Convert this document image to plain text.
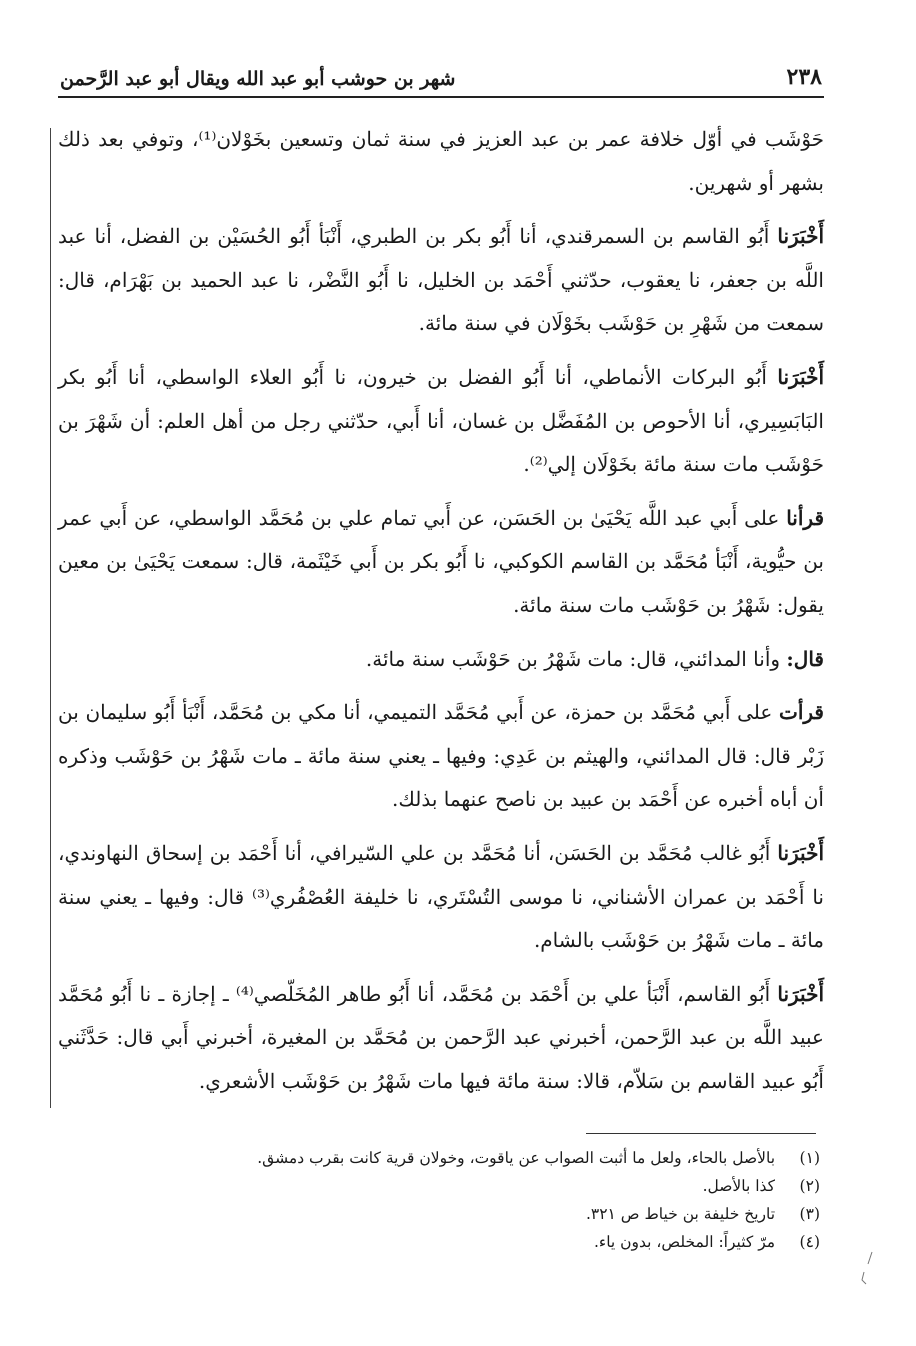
٢٣٨
شهر بن حوشب أبو عبد الله ويقال أبو عبد الرَّحمن

حَوْشَب في أوّل خلافة عمر بن عبد العزيز في سنة ثمان وتسعين بخَوْلان⁽¹⁾، وتوفي بعد ذلك بشهر أو شهرين.

أَخْبَرَنا أَبُو القاسم بن السمرقندي، أنا أَبُو بكر بن الطبري، أَنْبَأ أَبُو الحُسَيْن بن الفضل، أنا عبد اللَّه بن جعفر، نا يعقوب، حدّثني أَحْمَد بن الخليل، نا أَبُو النَّضْر، نا عبد الحميد بن بَهْرَام، قال: سمعت من شَهْرِ بن حَوْشَب بخَوْلَان في سنة مائة.

أَخْبَرَنا أَبُو البركات الأنماطي، أنا أَبُو الفضل بن خيرون، نا أَبُو العلاء الواسطي، أنا أَبُو بكر البَابَسِيري، أنا الأحوص بن المُفَضَّل بن غسان، أنا أَبي، حدّثني رجل من أهل العلم: أن شَهْرَ بن حَوْشَب مات سنة مائة بخَوْلَان إلي⁽²⁾.

قرأنا على أَبي عبد اللَّه يَحْيَىٰ بن الحَسَن، عن أَبي تمام علي بن مُحَمَّد الواسطي، عن أَبي عمر بن حيُّوية، أَنْبَأ مُحَمَّد بن القاسم الكوكبي، نا أَبُو بكر بن أَبي خَيْثَمة، قال: سمعت يَحْيَىٰ بن معين يقول: شَهْرُ بن حَوْشَب مات سنة مائة.

قال: وأنا المدائني، قال: مات شَهْرُ بن حَوْشَب سنة مائة.

قرأت على أَبي مُحَمَّد بن حمزة، عن أَبي مُحَمَّد التميمي، أنا مكي بن مُحَمَّد، أَنْبَأ أَبُو سليمان بن زَبْر قال: قال المدائني، والهيثم بن عَدِي: وفيها ـ يعني سنة مائة ـ مات شَهْرُ بن حَوْشَب وذكره أن أباه أخبره عن أَحْمَد بن عبيد بن ناصح عنهما بذلك.

أَخْبَرَنا أَبُو غالب مُحَمَّد بن الحَسَن، أنا مُحَمَّد بن علي السّيرافي، أنا أَحْمَد بن إسحاق النهاوندي، نا أَحْمَد بن عمران الأشناني، نا موسى التُسْتَري، نا خليفة العُصْفُري⁽³⁾ قال: وفيها ـ يعني سنة مائة ـ مات شَهْرُ بن حَوْشَب بالشام.

أَخْبَرَنا أَبُو القاسم، أَنْبَأ علي بن أَحْمَد بن مُحَمَّد، أنا أَبُو طاهر المُخَلّصي⁽⁴⁾ ـ إجازة ـ نا أَبُو مُحَمَّد عبيد اللَّه بن عبد الرَّحمن، أخبرني عبد الرَّحمن بن مُحَمَّد بن المغيرة، أخبرني أَبي قال: حَدَّثَني أَبُو عبيد القاسم بن سَلاّم، قالا: سنة مائة فيها مات شَهْرُ بن حَوْشَب الأشعري.

(١) بالأصل بالحاء، ولعل ما أثبت الصواب عن ياقوت، وخولان قرية كانت بقرب دمشق.

(٢) كذا بالأصل.

(٣) تاريخ خليفة بن خياط ص ٣٢١.

(٤) مرّ كثيراً: المخلص، بدون ياء.
